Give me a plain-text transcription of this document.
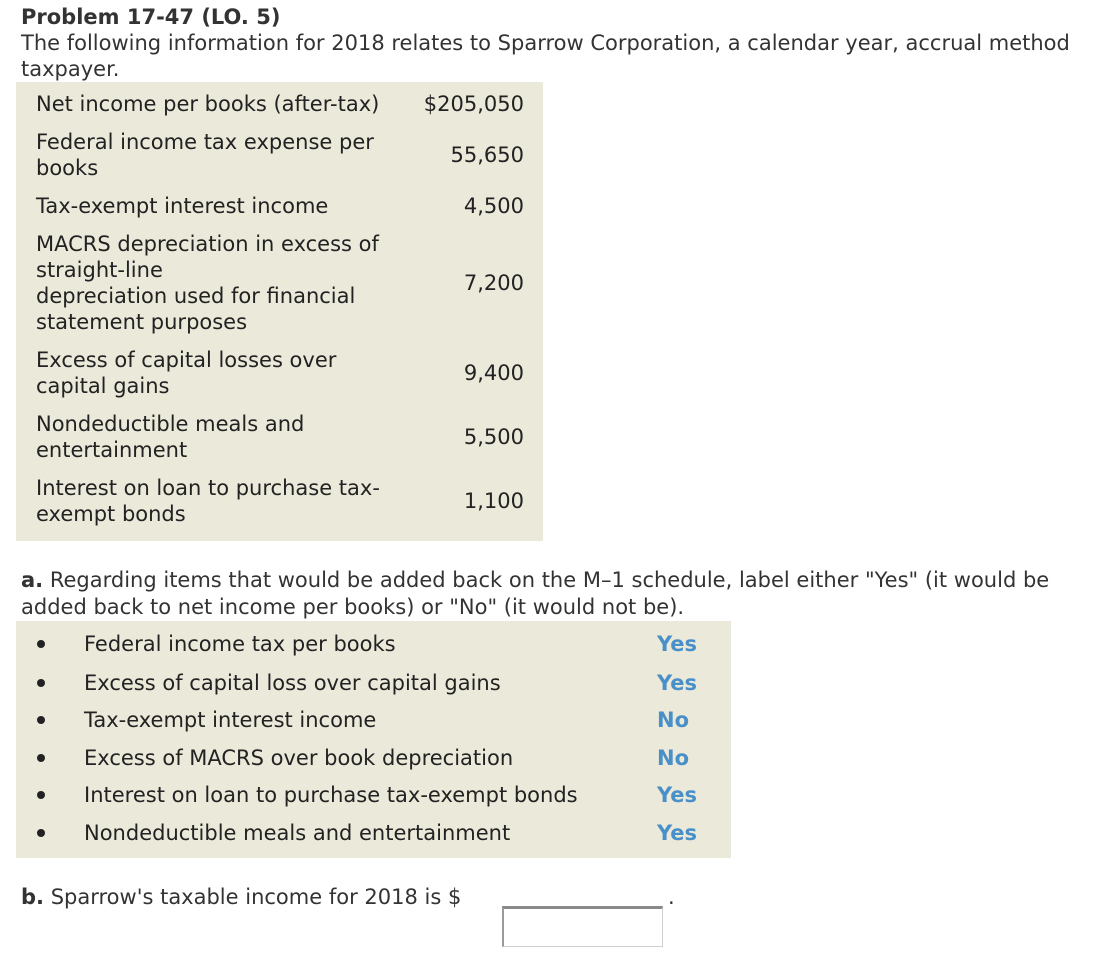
Problem 17-47 (LO. 5)
The following information for 2018 relates to Sparrow Corporation, a calendar year, accrual method taxpayer.
Net income per books (after-tax)	$205,050
Federal income tax expense per books	55,650
Tax-exempt interest income	4,500
MACRS depreciation in excess of straight-line
depreciation used for financial statement purposes	7,200
Excess of capital losses over capital gains	9,400
Nondeductible meals and entertainment	5,500
Interest on loan to purchase tax-exempt bonds	1,100
a. Regarding items that would be added back on the M–1 schedule, label either "Yes" (it would be added back to net income per books) or "No" (it would not be).
Federal income tax per books	Yes
Excess of capital loss over capital gains	Yes
Tax-exempt interest income	No
Excess of MACRS over book depreciation	No
Interest on loan to purchase tax-exempt bonds	Yes
Nondeductible meals and entertainment	Yes
b. Sparrow's taxable income for 2018 is $	.
